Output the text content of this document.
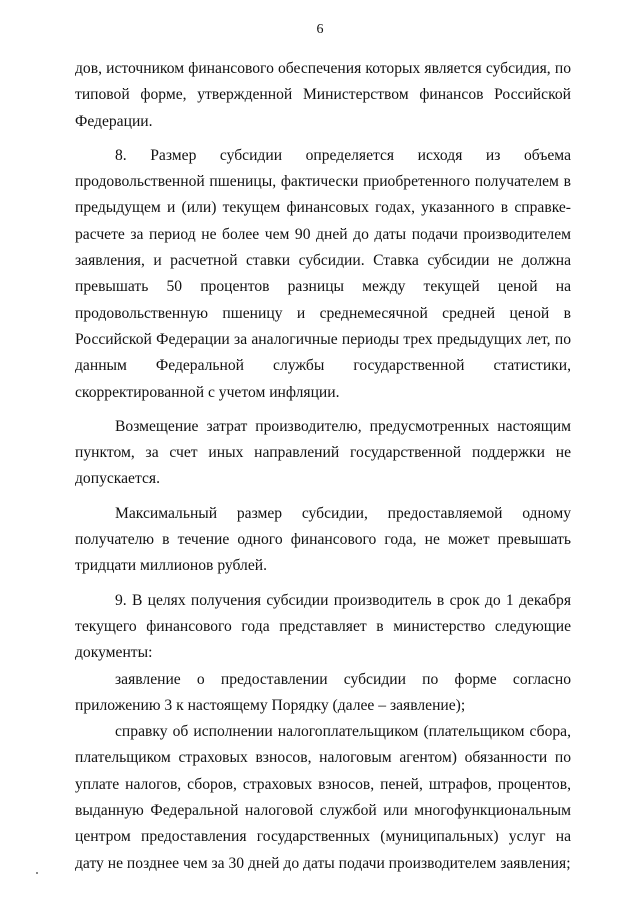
6

дов, источником финансового обеспечения которых является субсидия, по типовой форме, утвержденной Министерством финансов Российской Федерации.

8. Размер субсидии определяется исходя из объема продовольственной пшеницы, фактически приобретенного получателем в предыдущем и (или) текущем финансовых годах, указанного в справке-расчете за период не более чем 90 дней до даты подачи производителем заявления, и расчетной ставки субсидии. Ставка субсидии не должна превышать 50 процентов разницы между текущей ценой на продовольственную пшеницу и среднемесячной средней ценой в Российской Федерации за аналогичные периоды трех предыдущих лет, по данным Федеральной службы государственной статистики, скорректированной с учетом инфляции.

Возмещение затрат производителю, предусмотренных настоящим пунктом, за счет иных направлений государственной поддержки не допускается.

Максимальный размер субсидии, предоставляемой одному получателю в течение одного финансового года, не может превышать тридцати миллионов рублей.

9. В целях получения субсидии производитель в срок до 1 декабря текущего финансового года представляет в министерство следующие документы:

заявление о предоставлении субсидии по форме согласно приложению 3 к настоящему Порядку (далее – заявление);

справку об исполнении налогоплательщиком (плательщиком сбора, плательщиком страховых взносов, налоговым агентом) обязанности по уплате налогов, сборов, страховых взносов, пеней, штрафов, процентов, выданную Федеральной налоговой службой или многофункциональным центром предоставления государственных (муниципальных) услуг на дату не позднее чем за 30 дней до даты подачи производителем заявления;
